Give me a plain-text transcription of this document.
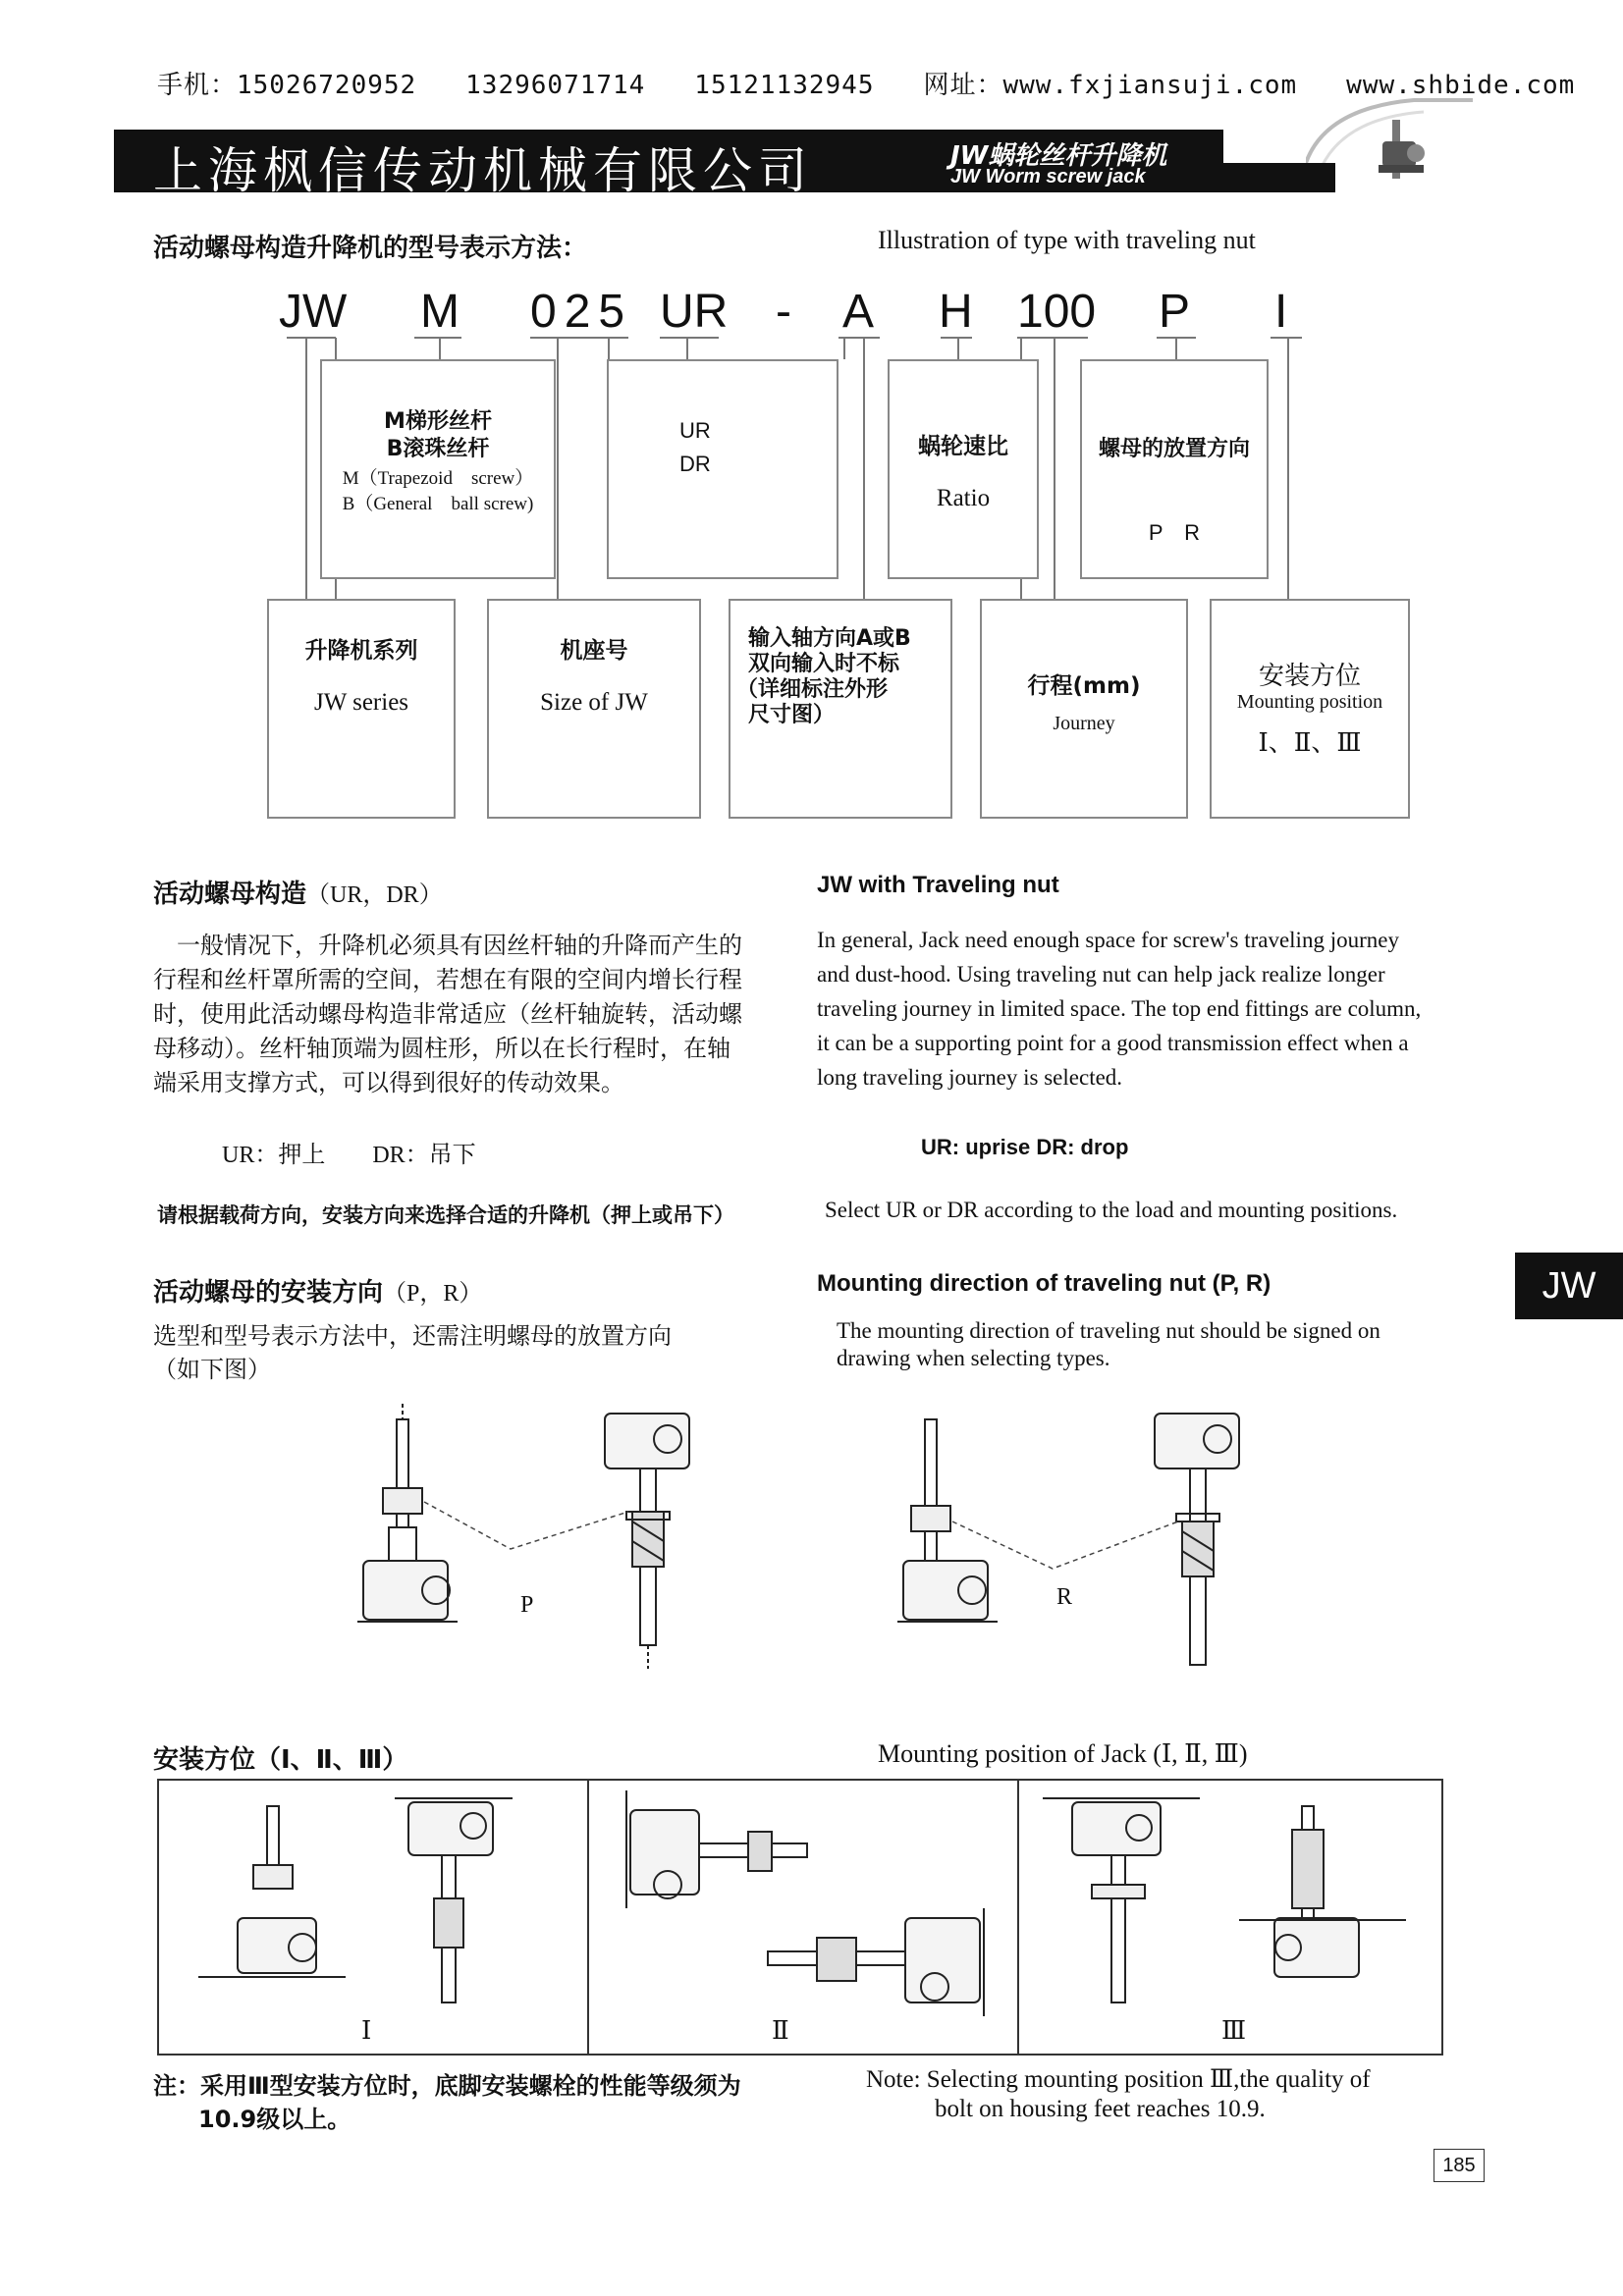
手机：15026720952   13296071714   15121132945   网址：www.fxjiansuji.com   www.shbide.com
上海枫信传动机械有限公司	JW蜗轮丝杆升降机
JW Worm screw jack
活动螺母构造升降机的型号表示方法：	Illustration of type with traveling nut
JW M 025 UR - A H 100 P I
M梯形丝杆
B滚珠丝杆
M（Trapezoid　screw）
B（General　ball screw)
UR
DR
蜗轮速比
Ratio
螺母的放置方向
P　R
升降机系列
JW series
机座号
Size of JW
输入轴方向A或B
双向输入时不标
（详细标注外形
尺寸图）
行程(mm)
Journey
安装方位
Mounting position
Ⅰ、Ⅱ、Ⅲ
活动螺母构造（UR，DR）	JW with Traveling nut
　一般情况下，升降机必须具有因丝杆轴的升降而产生的
行程和丝杆罩所需的空间，若想在有限的空间内增长行程
时，使用此活动螺母构造非常适应（丝杆轴旋转，活动螺
母移动）。丝杆轴顶端为圆柱形，所以在长行程时，在轴
端采用支撑方式，可以得到很好的传动效果。
In general, Jack need enough space for screw's traveling journey
and dust-hood. Using traveling nut can help jack realize longer
traveling journey in limited space. The top end fittings are column,
it can be a supporting point for a good transmission effect when a
long traveling journey is selected.
UR：押上　　DR：吊下	UR: uprise DR: drop
请根据载荷方向，安装方向来选择合适的升降机（押上或吊下）	Select UR or DR according to the load and mounting positions.
活动螺母的安装方向（P，R）	Mounting direction of traveling nut (P, R)
选型和型号表示方法中，还需注明螺母的放置方向
（如下图）
The mounting direction of traveling nut should be signed on
drawing when selecting types.
P	R
安装方位（Ⅰ、Ⅱ、Ⅲ）	Mounting position of Jack (Ⅰ, Ⅱ, Ⅲ)
Ⅰ	Ⅱ	Ⅲ
注：采用Ⅲ型安装方位时，底脚安装螺栓的性能等级须为
10.9级以上。
Note: Selecting mounting position Ⅲ,the quality of
bolt on housing feet reaches 10.9.
JW
185
